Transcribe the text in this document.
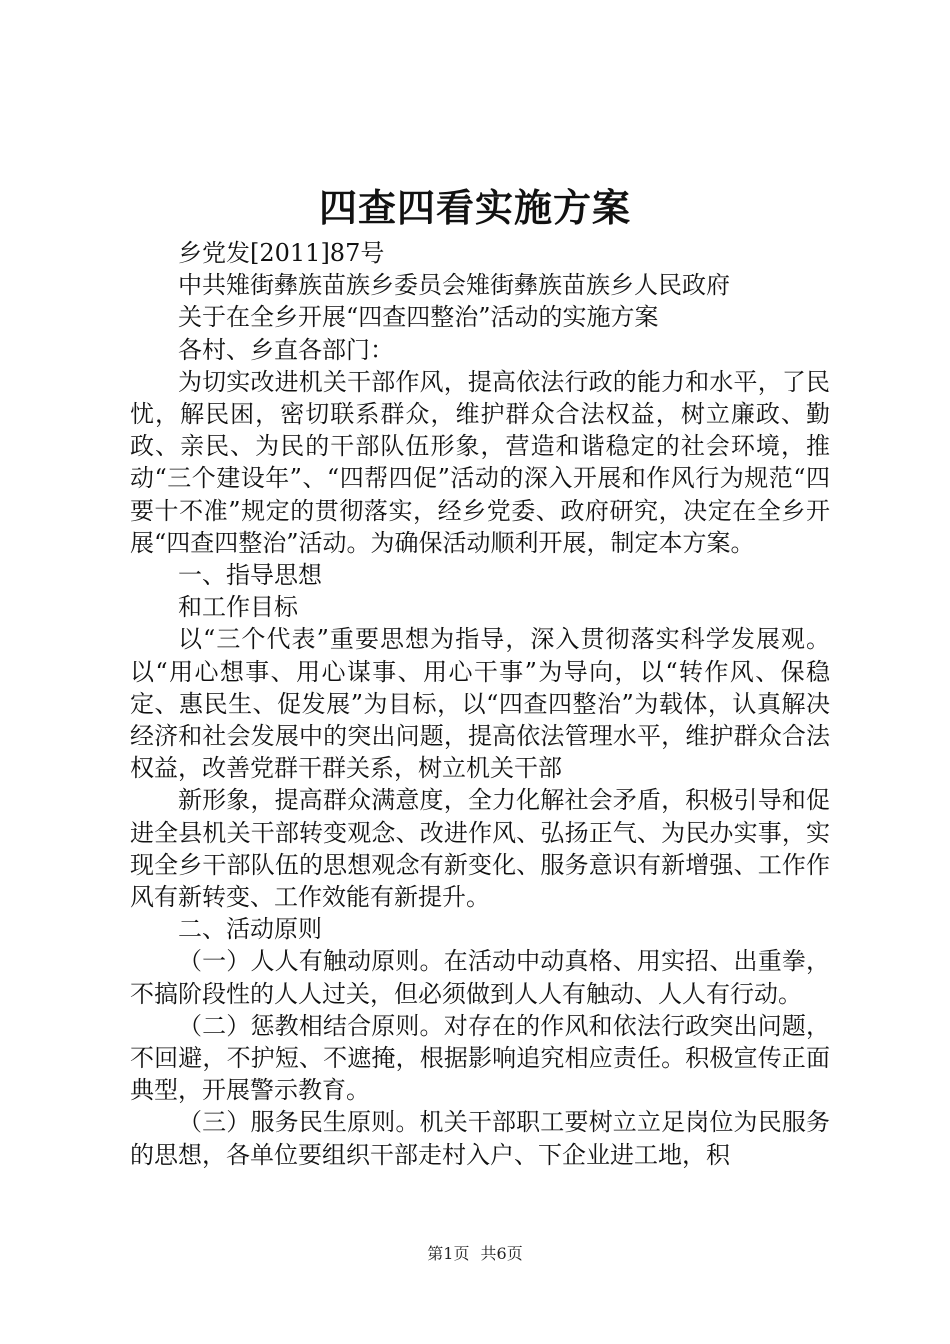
四查四看实施方案

乡党发[2011]87号

中共雉街彝族苗族乡委员会雉街彝族苗族乡人民政府

关于在全乡开展“四查四整治”活动的实施方案

各村、乡直各部门：

为切实改进机关干部作风，提高依法行政的能力和水平，了民忧，解民困，密切联系群众，维护群众合法权益，树立廉政、勤政、亲民、为民的干部队伍形象，营造和谐稳定的社会环境，推动“三个建设年”、“四帮四促”活动的深入开展和作风行为规范“四要十不准”规定的贯彻落实，经乡党委、政府研究，决定在全乡开展“四查四整治”活动。为确保活动顺利开展，制定本方案。

一、指导思想

和工作目标

以“三个代表”重要思想为指导，深入贯彻落实科学发展观。以“用心想事、用心谋事、用心干事”为导向，以“转作风、保稳定、惠民生、促发展”为目标，以“四查四整治”为载体，认真解决经济和社会发展中的突出问题，提高依法管理水平，维护群众合法权益，改善党群干群关系，树立机关干部

新形象，提高群众满意度，全力化解社会矛盾，积极引导和促进全县机关干部转变观念、改进作风、弘扬正气、为民办实事，实现全乡干部队伍的思想观念有新变化、服务意识有新增强、工作作风有新转变、工作效能有新提升。

二、活动原则

（一）人人有触动原则。在活动中动真格、用实招、出重拳，不搞阶段性的人人过关，但必须做到人人有触动、人人有行动。

（二）惩教相结合原则。对存在的作风和依法行政突出问题，不回避，不护短、不遮掩，根据影响追究相应责任。积极宣传正面典型，开展警示教育。

（三）服务民生原则。机关干部职工要树立立足岗位为民服务的思想，各单位要组织干部走村入户、下企业进工地，积

第1页 共6页
